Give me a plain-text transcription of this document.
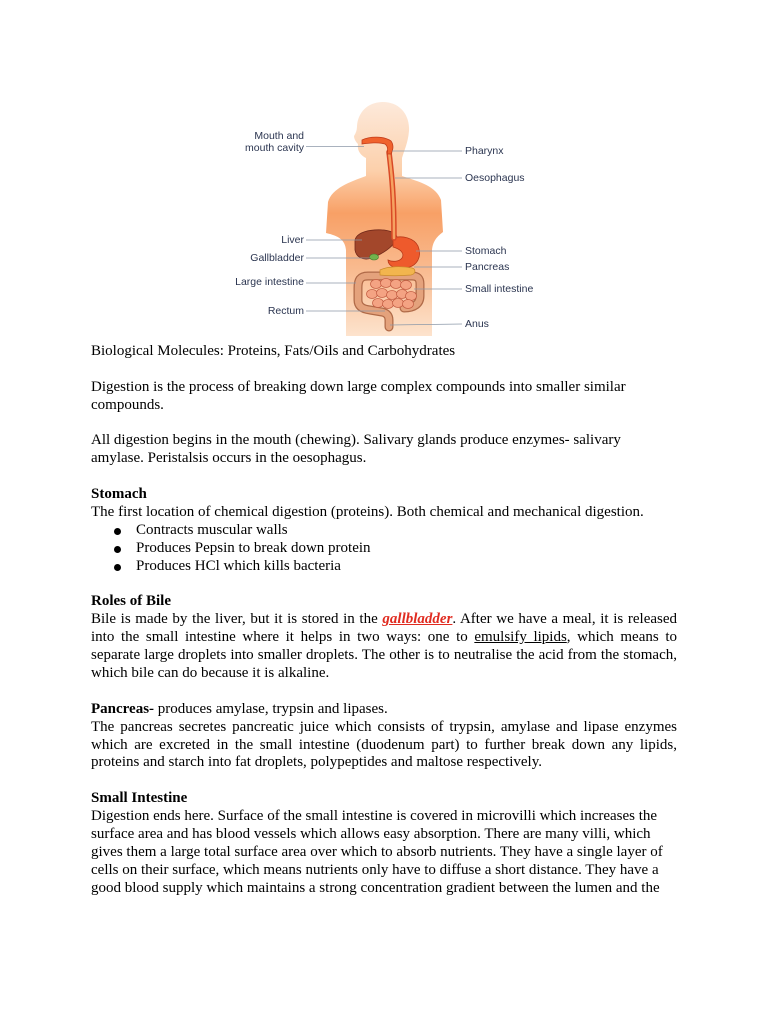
Mouth and
mouth cavity
Liver
Gallbladder
Large intestine
Rectum
Pharynx
Oesophagus
Stomach
Pancreas
Small intestine
Anus
Biological Molecules: Proteins, Fats/Oils and Carbohydrates
Digestion is the process of breaking down large complex compounds into smaller similar
compounds.
All digestion begins in the mouth (chewing). Salivary glands produce enzymes- salivary
amylase. Peristalsis occurs in the oesophagus.
Stomach
The first location of chemical digestion (proteins). Both chemical and mechanical digestion.
Contracts muscular walls
Produces Pepsin to break down protein
Produces HCl which kills bacteria
Roles of Bile
Bile is made by the liver, but it is stored in the gallbladder. After we have a meal, it is released
into the small intestine where it helps in two ways: one to emulsify lipids, which means to
separate large droplets into smaller droplets. The other is to neutralise the acid from the stomach,
which bile can do because it is alkaline.
Pancreas- produces amylase, trypsin and lipases.
The pancreas secretes pancreatic juice which consists of trypsin, amylase and lipase enzymes
which are excreted in the small intestine (duodenum part) to further break down any lipids,
proteins and starch into fat droplets, polypeptides and maltose respectively.
Small Intestine
Digestion ends here. Surface of the small intestine is covered in microvilli which increases the
surface area and has blood vessels which allows easy absorption. There are many villi, which
gives them a large total surface area over which to absorb nutrients. They have a single layer of
cells on their surface, which means nutrients only have to diffuse a short distance. They have a
good blood supply which maintains a strong concentration gradient between the lumen and the
